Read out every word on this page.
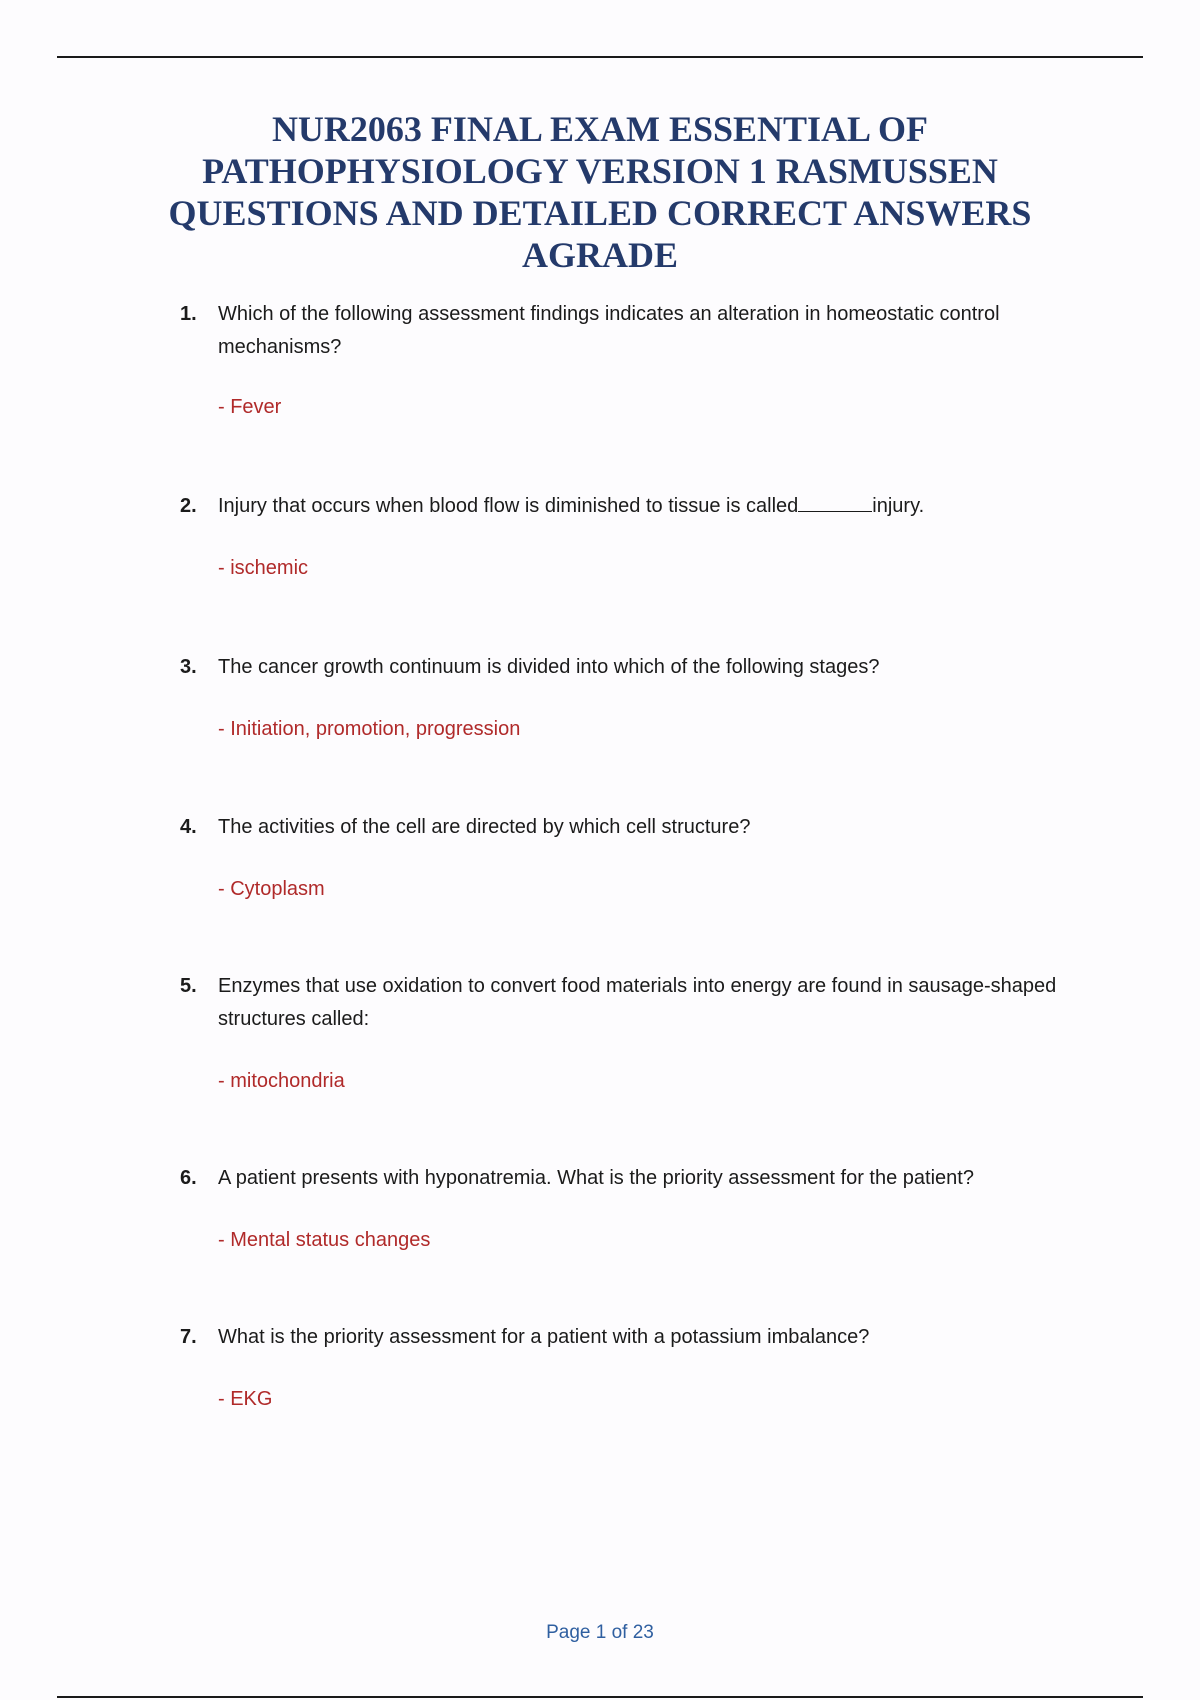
NUR2063 FINAL EXAM ESSENTIAL OF
PATHOPHYSIOLOGY VERSION 1 RASMUSSEN
QUESTIONS AND DETAILED CORRECT ANSWERS
AGRADE
1. Which of the following assessment findings indicates an alteration in homeostatic control mechanisms?
- Fever
2. Injury that occurs when blood flow is diminished to tissue is called	injury.
- ischemic
3. The cancer growth continuum is divided into which of the following stages?
- Initiation, promotion, progression
4. The activities of the cell are directed by which cell structure?
- Cytoplasm
5. Enzymes that use oxidation to convert food materials into energy are found in sausage-shaped structures called:
- mitochondria
6. A patient presents with hyponatremia. What is the priority assessment for the patient?
- Mental status changes
7. What is the priority assessment for a patient with a potassium imbalance?
- EKG
Page 1 of 23
